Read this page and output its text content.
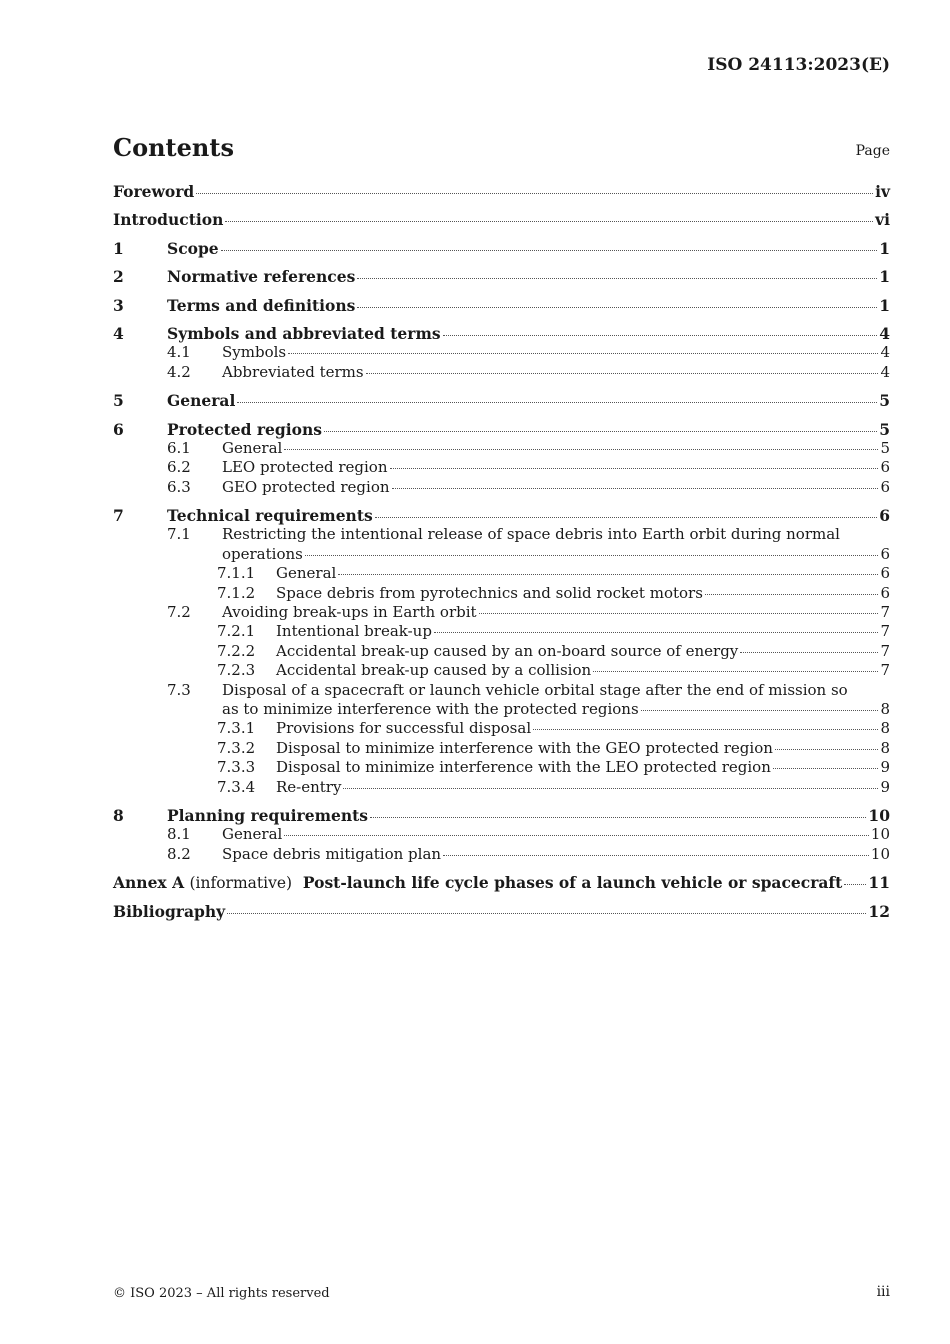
ISO 24113:2023(E)
Contents	Page
Foreword	iv
Introduction	vi
1	Scope	1
2	Normative references	1
3	Terms and definitions	1
4	Symbols and abbreviated terms	4
4.1 Symbols	4
4.2 Abbreviated terms	4
5	General	5
6	Protected regions	5
6.1 General	5
6.2 LEO protected region	6
6.3 GEO protected region	6
7	Technical requirements	6
7.1 Restricting the intentional release of space debris into Earth orbit during normal
operations	6
7.1.1 General	6
7.1.2 Space debris from pyrotechnics and solid rocket motors	6
7.2 Avoiding break-ups in Earth orbit	7
7.2.1 Intentional break-up	7
7.2.2 Accidental break-up caused by an on-board source of energy	7
7.2.3 Accidental break-up caused by a collision	7
7.3 Disposal of a spacecraft or launch vehicle orbital stage after the end of mission so
as to minimize interference with the protected regions	8
7.3.1 Provisions for successful disposal	8
7.3.2 Disposal to minimize interference with the GEO protected region	8
7.3.3 Disposal to minimize interference with the LEO protected region	9
7.3.4 Re-entry	9
8	Planning requirements	10
8.1 General	10
8.2 Space debris mitigation plan	10
Annex A (informative) Post-launch life cycle phases of a launch vehicle or spacecraft 11
Bibliography	12
© ISO 2023 – All rights reserved	iii
